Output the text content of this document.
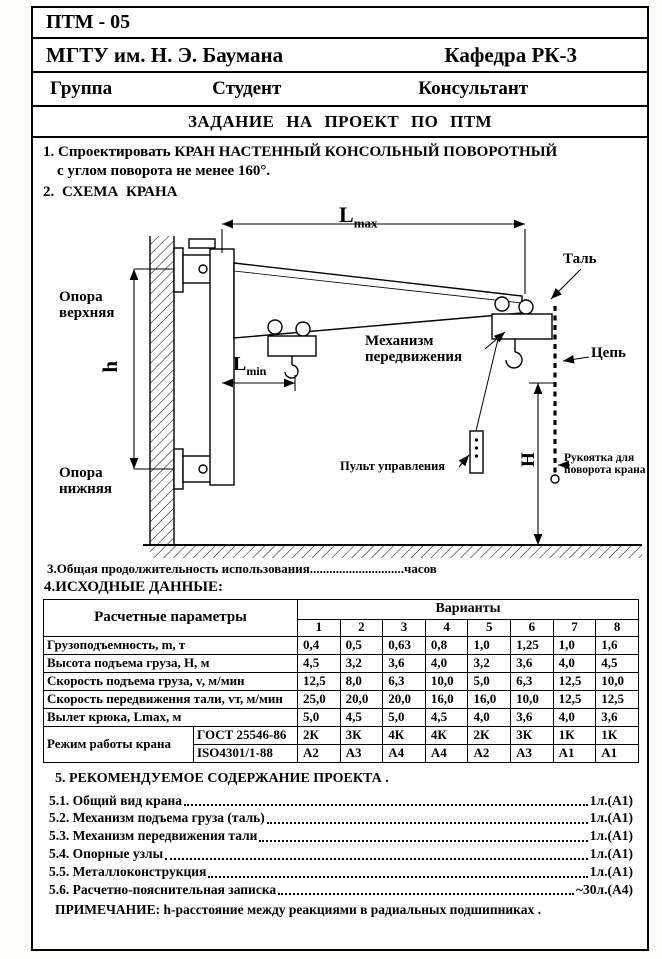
ПТМ - 05
МГТУ им. Н. Э. Баумана	Кафедра РК-3
Группа	Студент	Консультант
ЗАДАНИЕ НА ПРОЕКТ ПО ПТМ
1. Спроектировать КРАН НАСТЕННЫЙ КОНСОЛЬНЫЙ ПОВОРОТНЫЙ
с углом поворота не менее 160°.
2. СХЕМА КРАНА
$L_{max}$
Таль
Опора верхняя
Механизм передвижения	Цепь
$L_{min}$
h
H
Пульт управления
Рукоятка для поворота крана
Опора нижняя
3.Общая продолжительность использования.............................часов
4.ИСХОДНЫЕ ДАННЫЕ:
Расчетные параметры		Варианты							
		1	2	3	4	5	6	7	8
Грузоподъемность, m, т		0,4	0,5	0,63	0,8	1,0	1,25	1,0	1,6
Высота подъема груза, Н, м		4,5	3,2	3,6	4,0	3,2	3,6	4,0	4,5
Скорость подъема груза, v, м/мин		12,5	8,0	6,3	10,0	5,0	6,3	12,5	10,0
Скорость передвижения тали, vт, м/мин		25,0	20,0	20,0	16,0	16,0	10,0	12,5	12,5
Вылет крюка, Lmax, м		5,0	4,5	5,0	4,5	4,0	3,6	4,0	3,6
Режим работы крана	ГОСТ 25546-86	2К	3К	4К	4К	2К	3К	1К	1К
	ISO4301/1-88	А2	А3	А4	А4	А2	А3	А1	А1
5. РЕКОМЕНДУЕМОЕ СОДЕРЖАНИЕ ПРОЕКТА .
5.1. Общий вид крана	1л.(А1)
5.2. Механизм подъема груза (таль)	1л.(А1)
5.3. Механизм передвижения тали	1л.(А1)
5.4. Опорные узлы	1л.(А1)
5.5. Металлоконструкция	1л.(А1)
5.6. Расчетно-пояснительная записка	~30л.(А4)
ПРИМЕЧАНИЕ: h-расстояние между реакциями в радиальных подшипниках .
